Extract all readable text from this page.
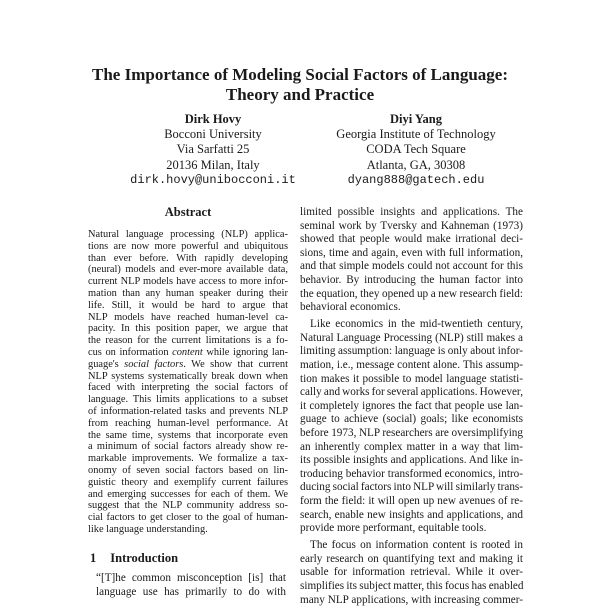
The Importance of Modeling Social Factors of Language:
Theory and Practice
Dirk Hovy
Bocconi University
Via Sarfatti 25
20136 Milan, Italy
dirk.hovy@unibocconi.it
Diyi Yang
Georgia Institute of Technology
CODA Tech Square
Atlanta, GA, 30308
dyang888@gatech.edu
Abstract
Natural language processing (NLP) applica-
tions are now more powerful and ubiquitous
than ever before. With rapidly developing
(neural) models and ever-more available data,
current NLP models have access to more infor-
mation than any human speaker during their
life. Still, it would be hard to argue that
NLP models have reached human-level ca-
pacity. In this position paper, we argue that
the reason for the current limitations is a fo-
cus on information content while ignoring lan-
guage's social factors. We show that current
NLP systems systematically break down when
faced with interpreting the social factors of
language. This limits applications to a subset
of information-related tasks and prevents NLP
from reaching human-level performance. At
the same time, systems that incorporate even
a minimum of social factors already show re-
markable improvements. We formalize a tax-
onomy of seven social factors based on lin-
guistic theory and exemplify current failures
and emerging successes for each of them. We
suggest that the NLP community address so-
cial factors to get closer to the goal of human-
like language understanding.
1 Introduction
“[T]he common misconception [is] that
language use has primarily to do with
limited possible insights and applications. The
seminal work by Tversky and Kahneman (1973)
showed that people would make irrational deci-
sions, time and again, even with full information,
and that simple models could not account for this
behavior. By introducing the human factor into
the equation, they opened up a new research field:
behavioral economics.
Like economics in the mid-twentieth century,
Natural Language Processing (NLP) still makes a
limiting assumption: language is only about infor-
mation, i.e., message content alone. This assump-
tion makes it possible to model language statisti-
cally and works for several applications. However,
it completely ignores the fact that people use lan-
guage to achieve (social) goals; like economists
before 1973, NLP researchers are oversimplifying
an inherently complex matter in a way that lim-
its possible insights and applications. And like in-
troducing behavior transformed economics, intro-
ducing social factors into NLP will similarly trans-
form the field: it will open up new avenues of re-
search, enable new insights and applications, and
provide more performant, equitable tools.
The focus on information content is rooted in
early research on quantifying text and making it
usable for information retrieval. While it over-
simplifies its subject matter, this focus has enabled
many NLP applications, with increasing commer-
